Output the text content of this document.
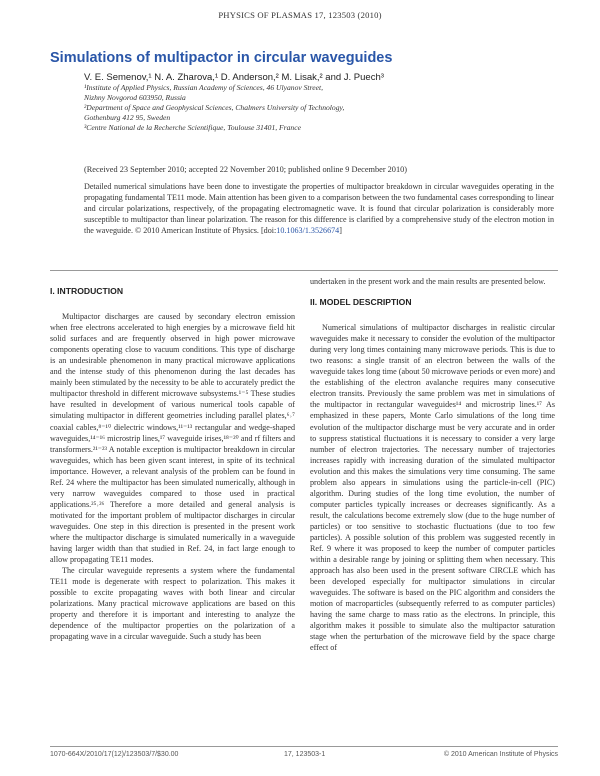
PHYSICS OF PLASMAS 17, 123503 (2010)
Simulations of multipactor in circular waveguides
V. E. Semenov,¹ N. A. Zharova,¹ D. Anderson,² M. Lisak,² and J. Puech³
¹Institute of Applied Physics, Russian Academy of Sciences, 46 Ulyanov Street,
Nizhny Novgorod 603950, Russia
²Department of Space and Geophysical Sciences, Chalmers University of Technology,
Gothenburg 412 95, Sweden
³Centre National de la Recherche Scientifique, Toulouse 31401, France
(Received 23 September 2010; accepted 22 November 2010; published online 9 December 2010)

Detailed numerical simulations have been done to investigate the properties of multipactor breakdown in circular waveguides operating in the propagating fundamental TE11 mode. Main attention has been given to a comparison between the two fundamental cases corresponding to linear and circular polarizations, respectively, of the propagating electromagnetic wave. It is found that circular polarization is considerably more susceptible to multipactor than linear polarization. The reason for this difference is clarified by a comprehensive study of the electron motion in the waveguide. © 2010 American Institute of Physics. [doi:10.1063/1.3526674]

I. INTRODUCTION

Multipactor discharges are caused by secondary electron emission when free electrons accelerated to high energies by a microwave field hit solid surfaces and are frequently observed in high power microwave components operating close to vacuum conditions. This type of discharge is an undesirable phenomenon in many practical microwave applications and the intense study of this phenomenon during the last decades has mainly been stimulated by the necessity to be able to accurately predict the multipactor threshold in different microwave subsystems.¹⁻⁵ These studies have resulted in development of various numerical tools capable of simulating multipactor in different geometries including parallel plates,⁶˒⁷ coaxial cables,⁸⁻¹⁰ dielectric windows,¹¹⁻¹³ rectangular and wedge-shaped waveguides,¹⁴⁻¹⁶ microstrip lines,¹⁷ waveguide irises,¹⁸⁻²⁰ and rf filters and transformers.²¹⁻²³ A notable exception is multipactor breakdown in circular waveguides, which has been given scant interest, in spite of its technical importance. However, a relevant analysis of the problem can be found in Ref. 24 where the multipactor has been simulated numerically, although in very narrow waveguides compared to those used in practical applications.²⁵˒²⁶ Therefore a more detailed and general analysis is motivated for the important problem of multipactor discharges in circular waveguides. One step in this direction is presented in the present work where the multipactor discharge is simulated numerically in a waveguide having larger width than that studied in Ref. 24, in fact large enough to allow propagating TE11 modes.

The circular waveguide represents a system where the fundamental TE11 mode is degenerate with respect to polarization. This makes it possible to excite propagating waves with both linear and circular polarizations. Many practical microwave applications are based on this property and therefore it is important and interesting to analyze the dependence of the multipactor properties on the polarization of a propagating wave in a circular waveguide. Such a study has been

undertaken in the present work and the main results are presented below.

II. MODEL DESCRIPTION

Numerical simulations of multipactor discharges in realistic circular waveguides make it necessary to consider the evolution of the multipactor during very long times containing many microwave periods. This is due to two reasons: a single transit of an electron between the walls of the waveguide takes long time (about 50 microwave periods or even more) and the establishing of the electron avalanche requires many consecutive electron transits. Previously the same problem was met in simulations of the multipactor in rectangular waveguides¹⁴ and microstrip lines.¹⁷ As emphasized in these papers, Monte Carlo simulations of the long time evolution of the multipactor discharge must be very accurate and in order to suppress statistical fluctuations it is necessary to consider a very large number of electron trajectories. The necessary number of trajectories increases rapidly with increasing duration of the simulated multipactor evolution and this makes the simulations very time consuming. The same problem also appears in simulations using the particle-in-cell (PIC) algorithm. During studies of the long time evolution, the number of computer particles typically increases or decreases significantly. As a result, the calculations become extremely slow (due to the huge number of particles) or too sensitive to stochastic fluctuations (due to too few particles). A possible solution of this problem was suggested recently in Ref. 9 where it was proposed to keep the number of computer particles within a desirable range by joining or splitting them when necessary. This approach has also been used in the present software CIRCLE which has been developed especially for multipactor simulations in circular waveguides. The software is based on the PIC algorithm and considers the motion of macroparticles (subsequently referred to as computer particles) having the same charge to mass ratio as the electrons. In principle, this algorithm makes it possible to simulate also the multipactor saturation stage when the perturbation of the microwave field by the space charge effect of

1070-664X/2010/17(12)/123503/7/$30.00	17, 123503-1	© 2010 American Institute of Physics
